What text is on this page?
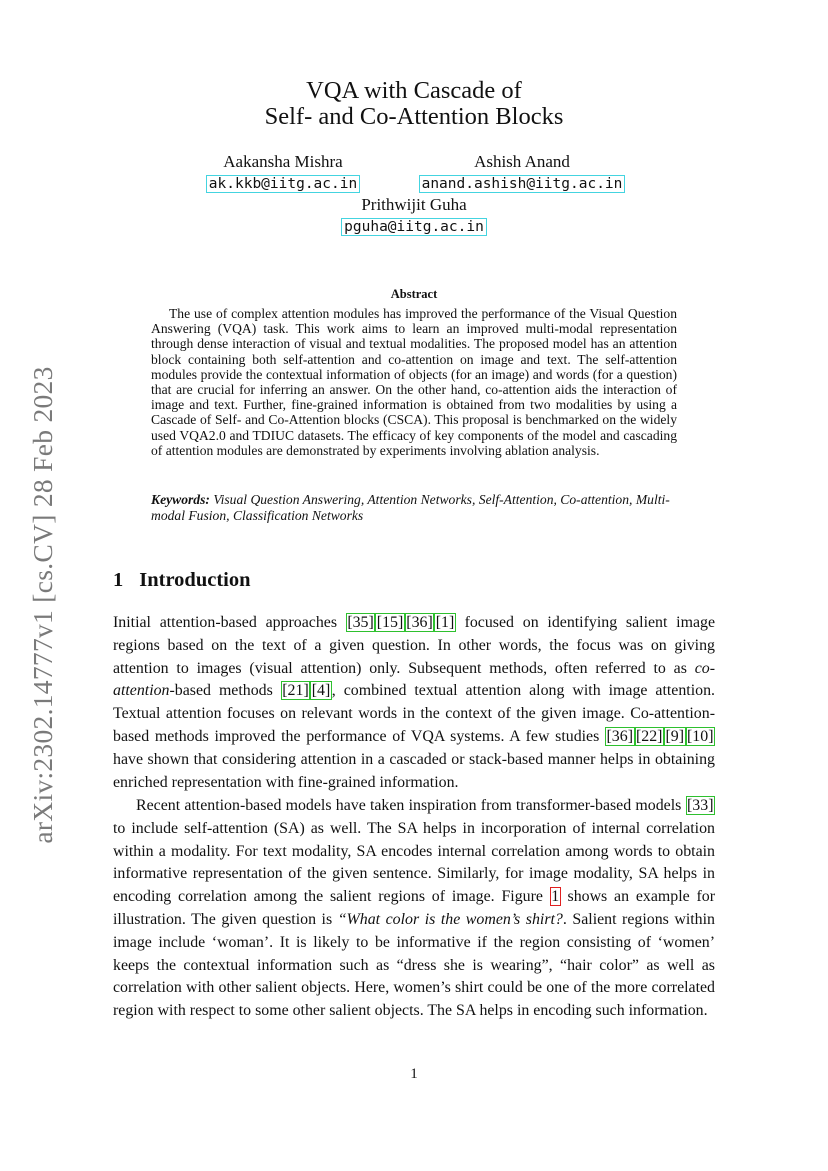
arXiv:2302.14777v1 [cs.CV] 28 Feb 2023
VQA with Cascade of
Self- and Co-Attention Blocks
Aakansha Mishra
ak.kkb@iitg.ac.in
Ashish Anand
anand.ashish@iitg.ac.in
Prithwijit Guha
pguha@iitg.ac.in
Abstract

The use of complex attention modules has improved the performance of the Visual Question Answering (VQA) task. This work aims to learn an improved multi-modal representation through dense interaction of visual and textual modalities. The proposed model has an attention block containing both self-attention and co-attention on image and text. The self-attention modules provide the contextual information of objects (for an image) and words (for a question) that are crucial for inferring an answer. On the other hand, co-attention aids the interaction of image and text. Further, fine-grained information is obtained from two modalities by using a Cascade of Self- and Co-Attention blocks (CSCA). This proposal is benchmarked on the widely used VQA2.0 and TDIUC datasets. The efficacy of key components of the model and cascading of attention modules are demonstrated by experiments involving ablation analysis.

Keywords: Visual Question Answering, Attention Networks, Self-Attention, Co-attention, Multi-modal Fusion, Classification Networks

1 Introduction

Initial attention-based approaches [35] [15] [36] [1] focused on identifying salient image regions based on the text of a given question. In other words, the focus was on giving attention to images (visual attention) only. Subsequent methods, often referred to as co-attention-based methods [21] [4], combined textual attention along with image attention. Textual attention focuses on relevant words in the context of the given image. Co-attention-based methods improved the performance of VQA systems. A few studies [36] [22] [9] [10] have shown that considering attention in a cascaded or stack-based manner helps in obtaining enriched representation with fine-grained information.

Recent attention-based models have taken inspiration from transformer-based models [33] to include self-attention (SA) as well. The SA helps in incorporation of internal correlation within a modality. For text modality, SA encodes internal correlation among words to obtain informative representation of the given sentence. Similarly, for image modality, SA helps in encoding correlation among the salient regions of image. Figure 1 shows an example for illustration. The given question is “What color is the women’s shirt?. Salient regions within image include ‘woman’. It is likely to be informative if the region consisting of ‘women’ keeps the contextual information such as “dress she is wearing”, “hair color” as well as correlation with other salient objects. Here, women’s shirt could be one of the more correlated region with respect to some other salient objects. The SA helps in encoding such information.

1
